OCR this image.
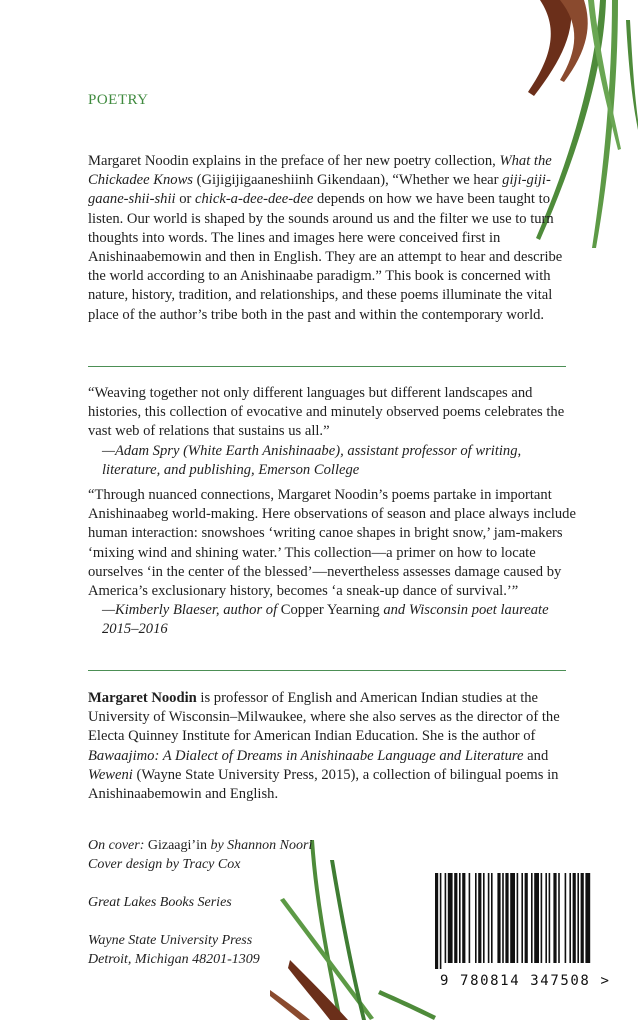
POETRY
Margaret Noodin explains in the preface of her new poetry collection, What the Chickadee Knows (Gijigijigaaneshiinh Gikendaan), “Whether we hear giji-giji-gaane-shii-shii or chick-a-dee-dee-dee depends on how we have been taught to listen. Our world is shaped by the sounds around us and the filter we use to turn thoughts into words. The lines and images here were conceived first in Anishinaabemowin and then in English. They are an attempt to hear and describe the world according to an Anishinaabe paradigm.” This book is concerned with nature, history, tradition, and relationships, and these poems illuminate the vital place of the author’s tribe both in the past and within the contemporary world.
“Weaving together not only different languages but different landscapes and histories, this collection of evocative and minutely observed poems celebrates the vast web of relations that sustains us all.”
—Adam Spry (White Earth Anishinaabe), assistant professor of writing, literature, and publishing, Emerson College
“Through nuanced connections, Margaret Noodin’s poems partake in important Anishinaabeg world-making. Here observations of season and place always include human interaction: snowshoes ‘writing canoe shapes in bright snow,’ jam-makers ‘mixing wind and shining water.’ This collection—a primer on how to locate ourselves ‘in the center of the blessed’—nevertheless assesses damage caused by America’s exclusionary history, becomes ‘a sneak-up dance of survival.’”
—Kimberly Blaeser, author of Copper Yearning and Wisconsin poet laureate 2015–2016
Margaret Noodin is professor of English and American Indian studies at the University of Wisconsin–Milwaukee, where she also serves as the director of the Electa Quinney Institute for American Indian Education. She is the author of Bawaajimo: A Dialect of Dreams in Anishinaabe Language and Literature and Weweni (Wayne State University Press, 2015), a collection of bilingual poems in Anishinaabemowin and English.
On cover: Gizaagi’in by Shannon Noori
Cover design by Tracy Cox
Great Lakes Books Series
Wayne State University Press
Detroit, Michigan 48201-1309
9 780814 347508 >
